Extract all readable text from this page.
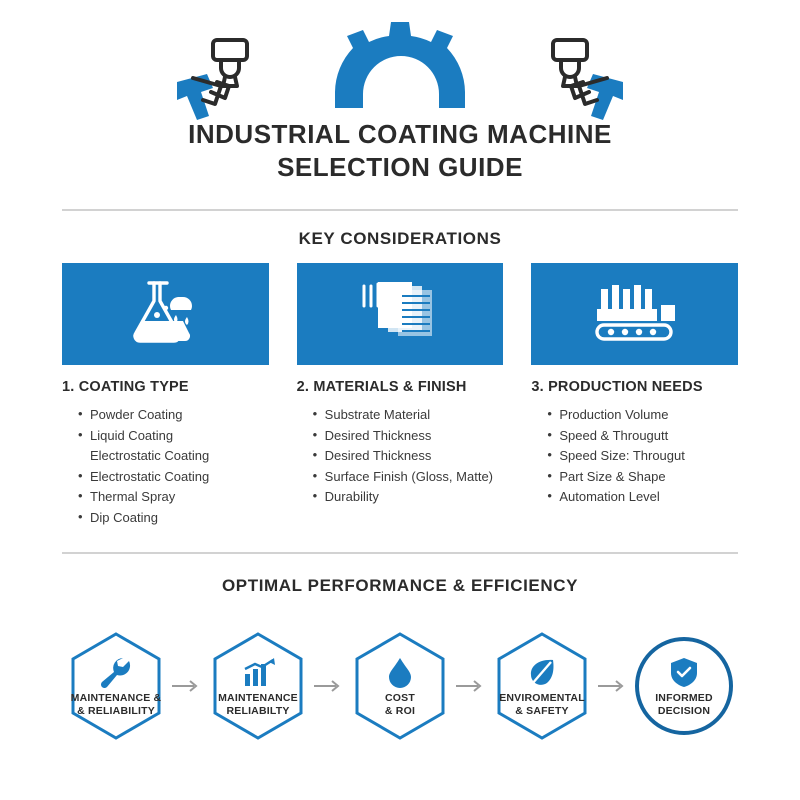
INDUSTRIAL COATING MACHINE
SELECTION GUIDE
KEY CONSIDERATIONS
1. COATING TYPE
• Powder Coating
• Liquid Coating
Electrostatic Coating
• Electrostatic Coating
• Thermal Spray
• Dip Coating
2. MATERIALS & FINISH
• Substrate Material
• Desired Thickness
• Desired Thickness
• Surface Finish (Gloss, Matte)
• Durability
3. PRODUCTION NEEDS
• Production Volume
• Speed & Througutt
• Speed Size: Througut
• Part Size & Shape
• Automation Level
OPTIMAL PERFORMANCE & EFFICIENCY
MAINTENANCE &
& RELIABILITY
MAINTENANCE
RELIABILTY
COST
& ROI
ENVIROMENTAL
& SAFETY
INFORMED
DECISION
